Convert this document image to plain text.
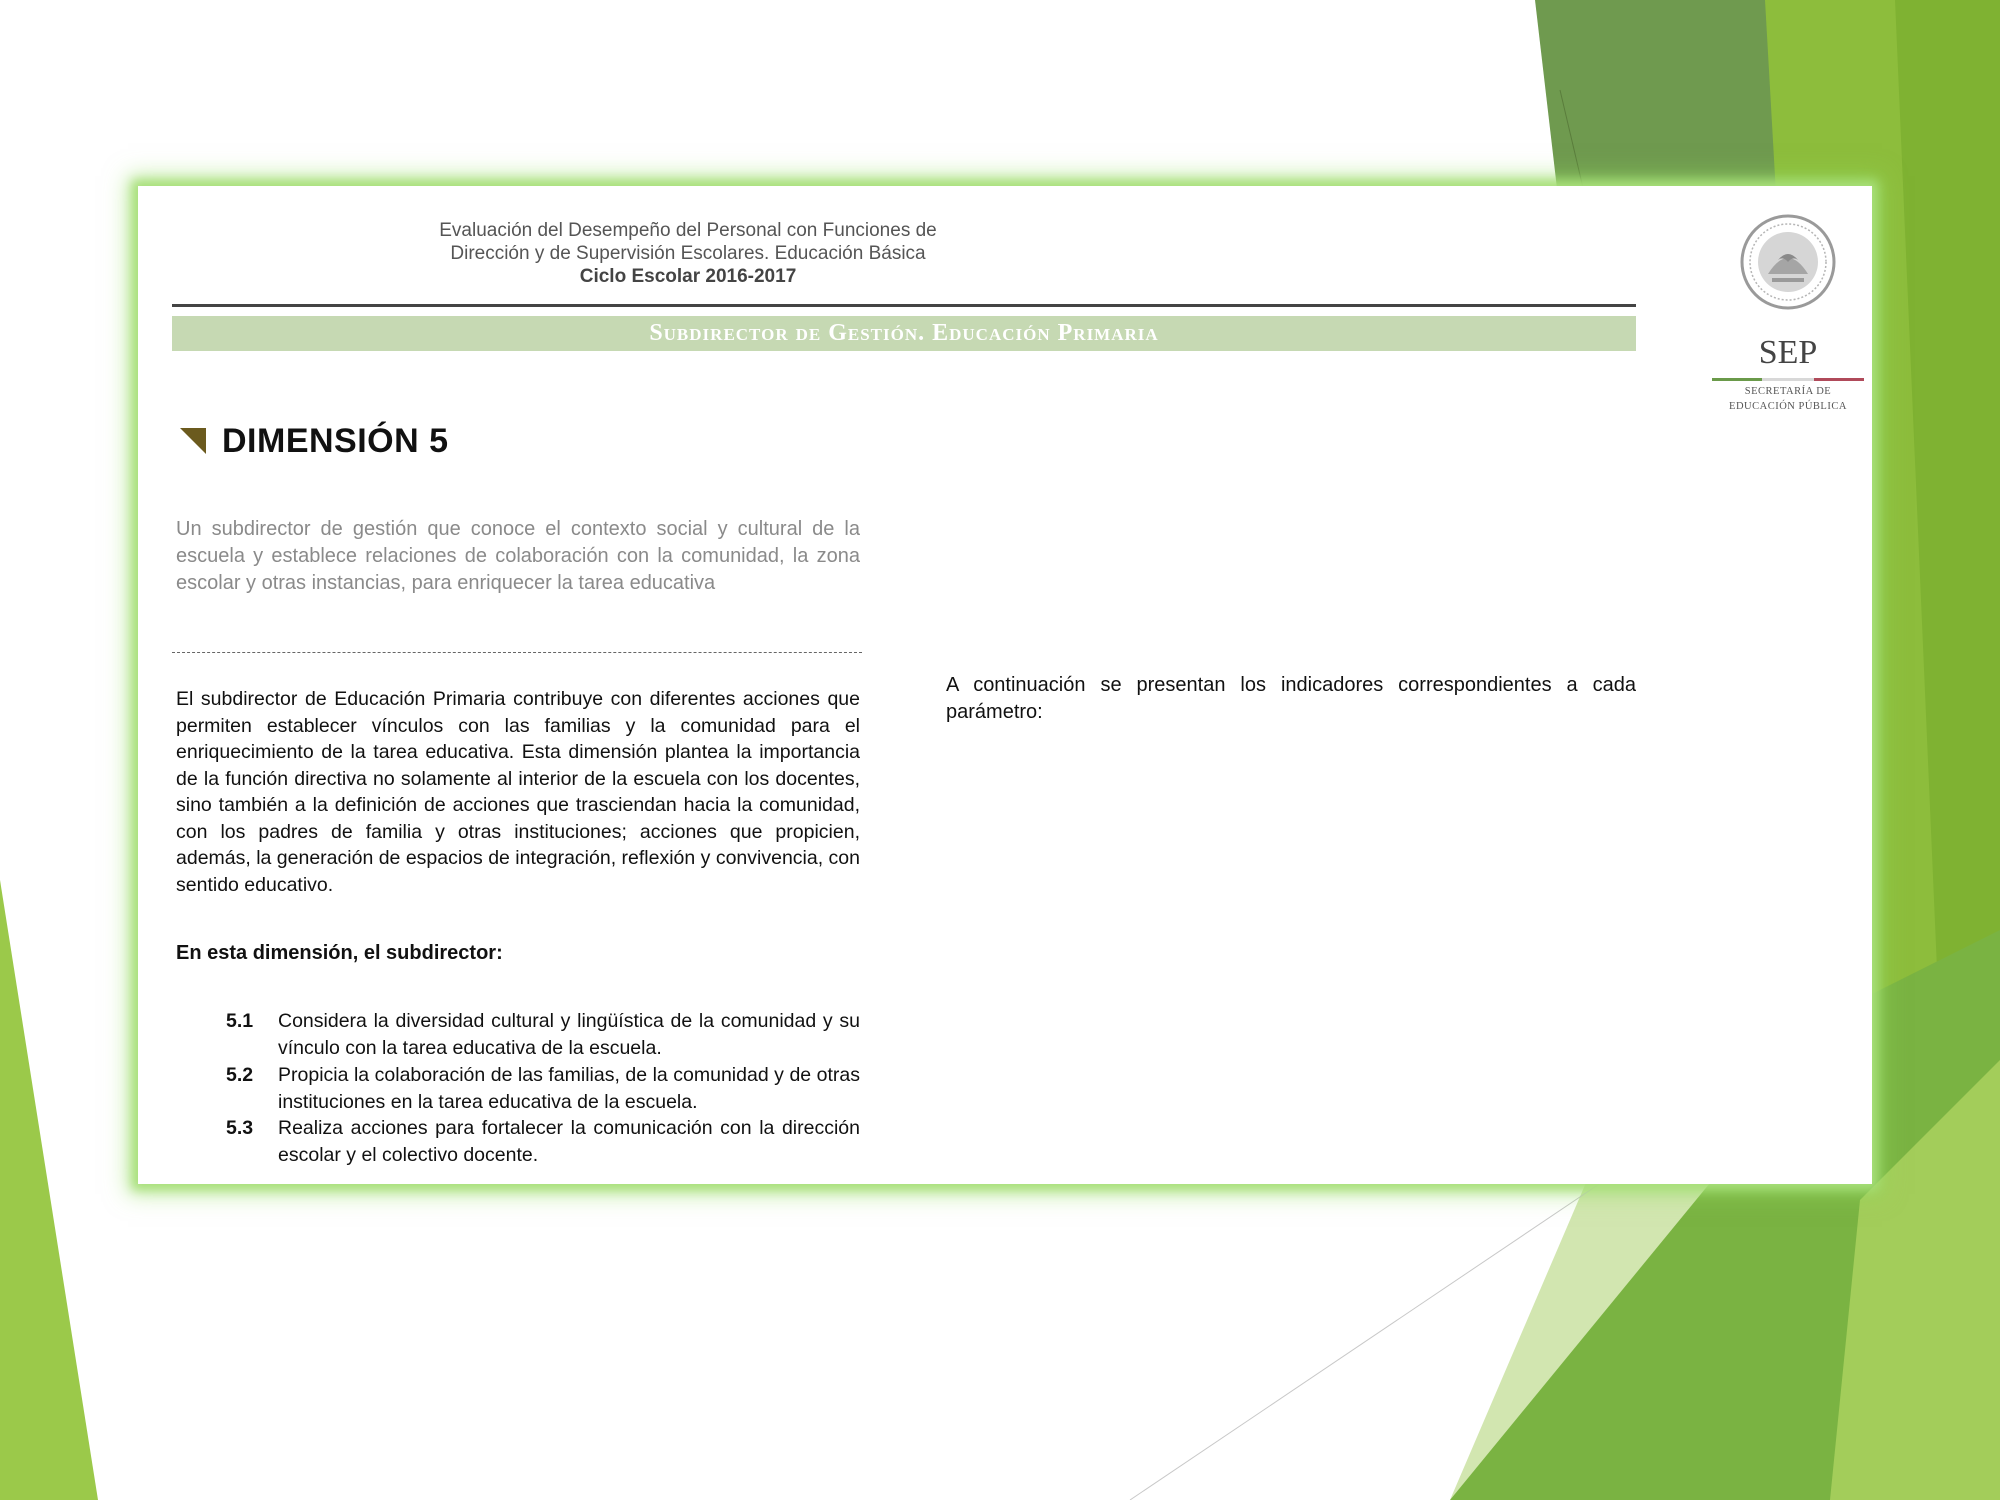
Evaluación del Desempeño del Personal con Funciones de
Dirección y de Supervisión Escolares. Educación Básica
Ciclo Escolar 2016-2017
Subdirector de Gestión. Educación Primaria
SEP
SECRETARÍA DE
EDUCACIÓN PÚBLICA
DIMENSIÓN 5
Un subdirector de gestión que conoce el contexto social y cultural de la escuela y establece relaciones de colaboración con la comunidad, la zona escolar y otras instancias, para enriquecer la tarea educativa
El subdirector de Educación Primaria contribuye con diferentes acciones que permiten establecer vínculos con las familias y la comunidad para el enriquecimiento de la tarea educativa. Esta dimensión plantea la importancia de la función directiva no solamente al interior de la escuela con los docentes, sino también a la definición de acciones que trasciendan hacia la comunidad, con los padres de familia y otras instituciones; acciones que propicien, además, la generación de espacios de integración, reflexión y convivencia, con sentido educativo.
En esta dimensión, el subdirector:
5.1	Considera la diversidad cultural y lingüística de la comunidad y su vínculo con la tarea educativa de la escuela.
5.2	Propicia la colaboración de las familias, de la comunidad y de otras instituciones en la tarea educativa de la escuela.
5.3	Realiza acciones para fortalecer la comunicación con la dirección escolar y el colectivo docente.
A continuación se presentan los indicadores correspondientes a cada parámetro:
